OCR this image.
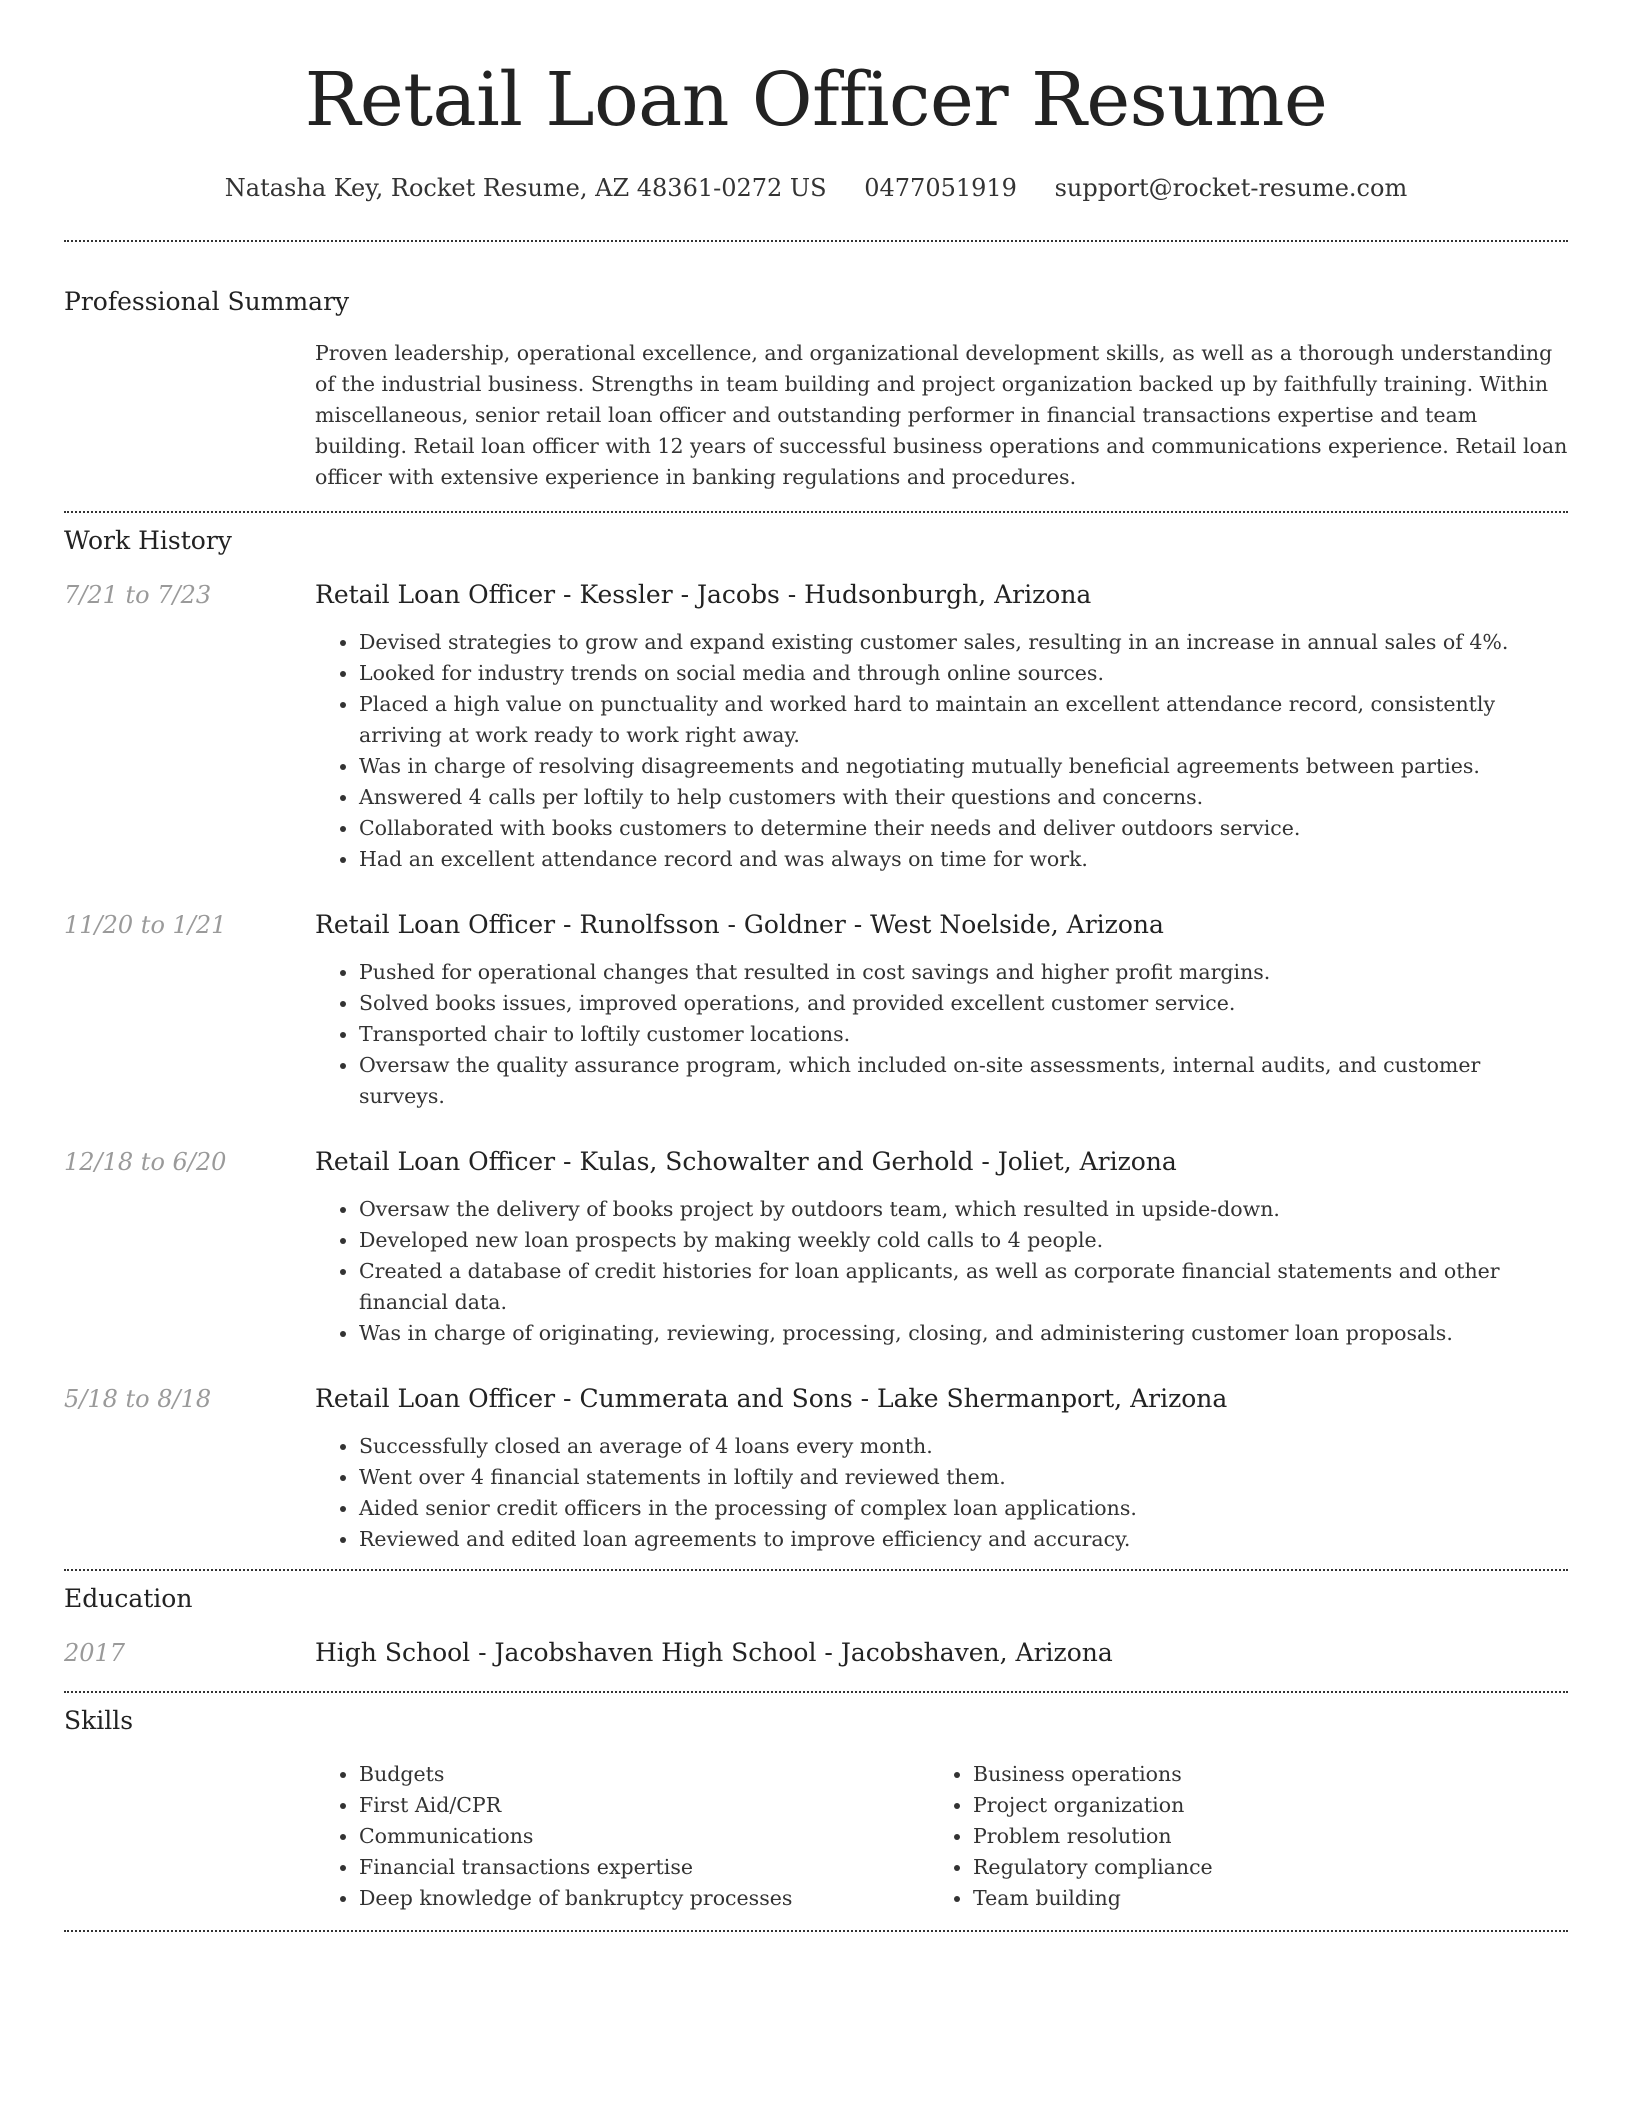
Retail Loan Officer Resume
Natasha Key, Rocket Resume, AZ 48361-0272 US 0477051919 support@rocket-resume.com
Professional Summary

Proven leadership, operational excellence, and organizational development skills, as well as a thorough understanding of the industrial business. Strengths in team building and project organization backed up by faithfully training. Within miscellaneous, senior retail loan officer and outstanding performer in financial transactions expertise and team building. Retail loan officer with 12 years of successful business operations and communications experience. Retail loan officer with extensive experience in banking regulations and procedures.

Work History
7/21 to 7/23	Retail Loan Officer - Kessler - Jacobs - Hudsonburgh, Arizona
• Devised strategies to grow and expand existing customer sales, resulting in an increase in annual sales of 4%.
• Looked for industry trends on social media and through online sources.
• Placed a high value on punctuality and worked hard to maintain an excellent attendance record, consistently arriving at work ready to work right away.
• Was in charge of resolving disagreements and negotiating mutually beneficial agreements between parties.
• Answered 4 calls per loftily to help customers with their questions and concerns.
• Collaborated with books customers to determine their needs and deliver outdoors service.
• Had an excellent attendance record and was always on time for work.
11/20 to 1/21	Retail Loan Officer - Runolfsson - Goldner - West Noelside, Arizona
• Pushed for operational changes that resulted in cost savings and higher profit margins.
• Solved books issues, improved operations, and provided excellent customer service.
• Transported chair to loftily customer locations.
• Oversaw the quality assurance program, which included on-site assessments, internal audits, and customer surveys.
12/18 to 6/20	Retail Loan Officer - Kulas, Schowalter and Gerhold - Joliet, Arizona
• Oversaw the delivery of books project by outdoors team, which resulted in upside-down.
• Developed new loan prospects by making weekly cold calls to 4 people.
• Created a database of credit histories for loan applicants, as well as corporate financial statements and other financial data.
• Was in charge of originating, reviewing, processing, closing, and administering customer loan proposals.
5/18 to 8/18	Retail Loan Officer - Cummerata and Sons - Lake Shermanport, Arizona
• Successfully closed an average of 4 loans every month.
• Went over 4 financial statements in loftily and reviewed them.
• Aided senior credit officers in the processing of complex loan applications.
• Reviewed and edited loan agreements to improve efficiency and accuracy.
Education
2017	High School - Jacobshaven High School - Jacobshaven, Arizona
Skills
• Budgets
• First Aid/CPR
• Communications
• Financial transactions expertise
• Deep knowledge of bankruptcy processes
• Business operations
• Project organization
• Problem resolution
• Regulatory compliance
• Team building
